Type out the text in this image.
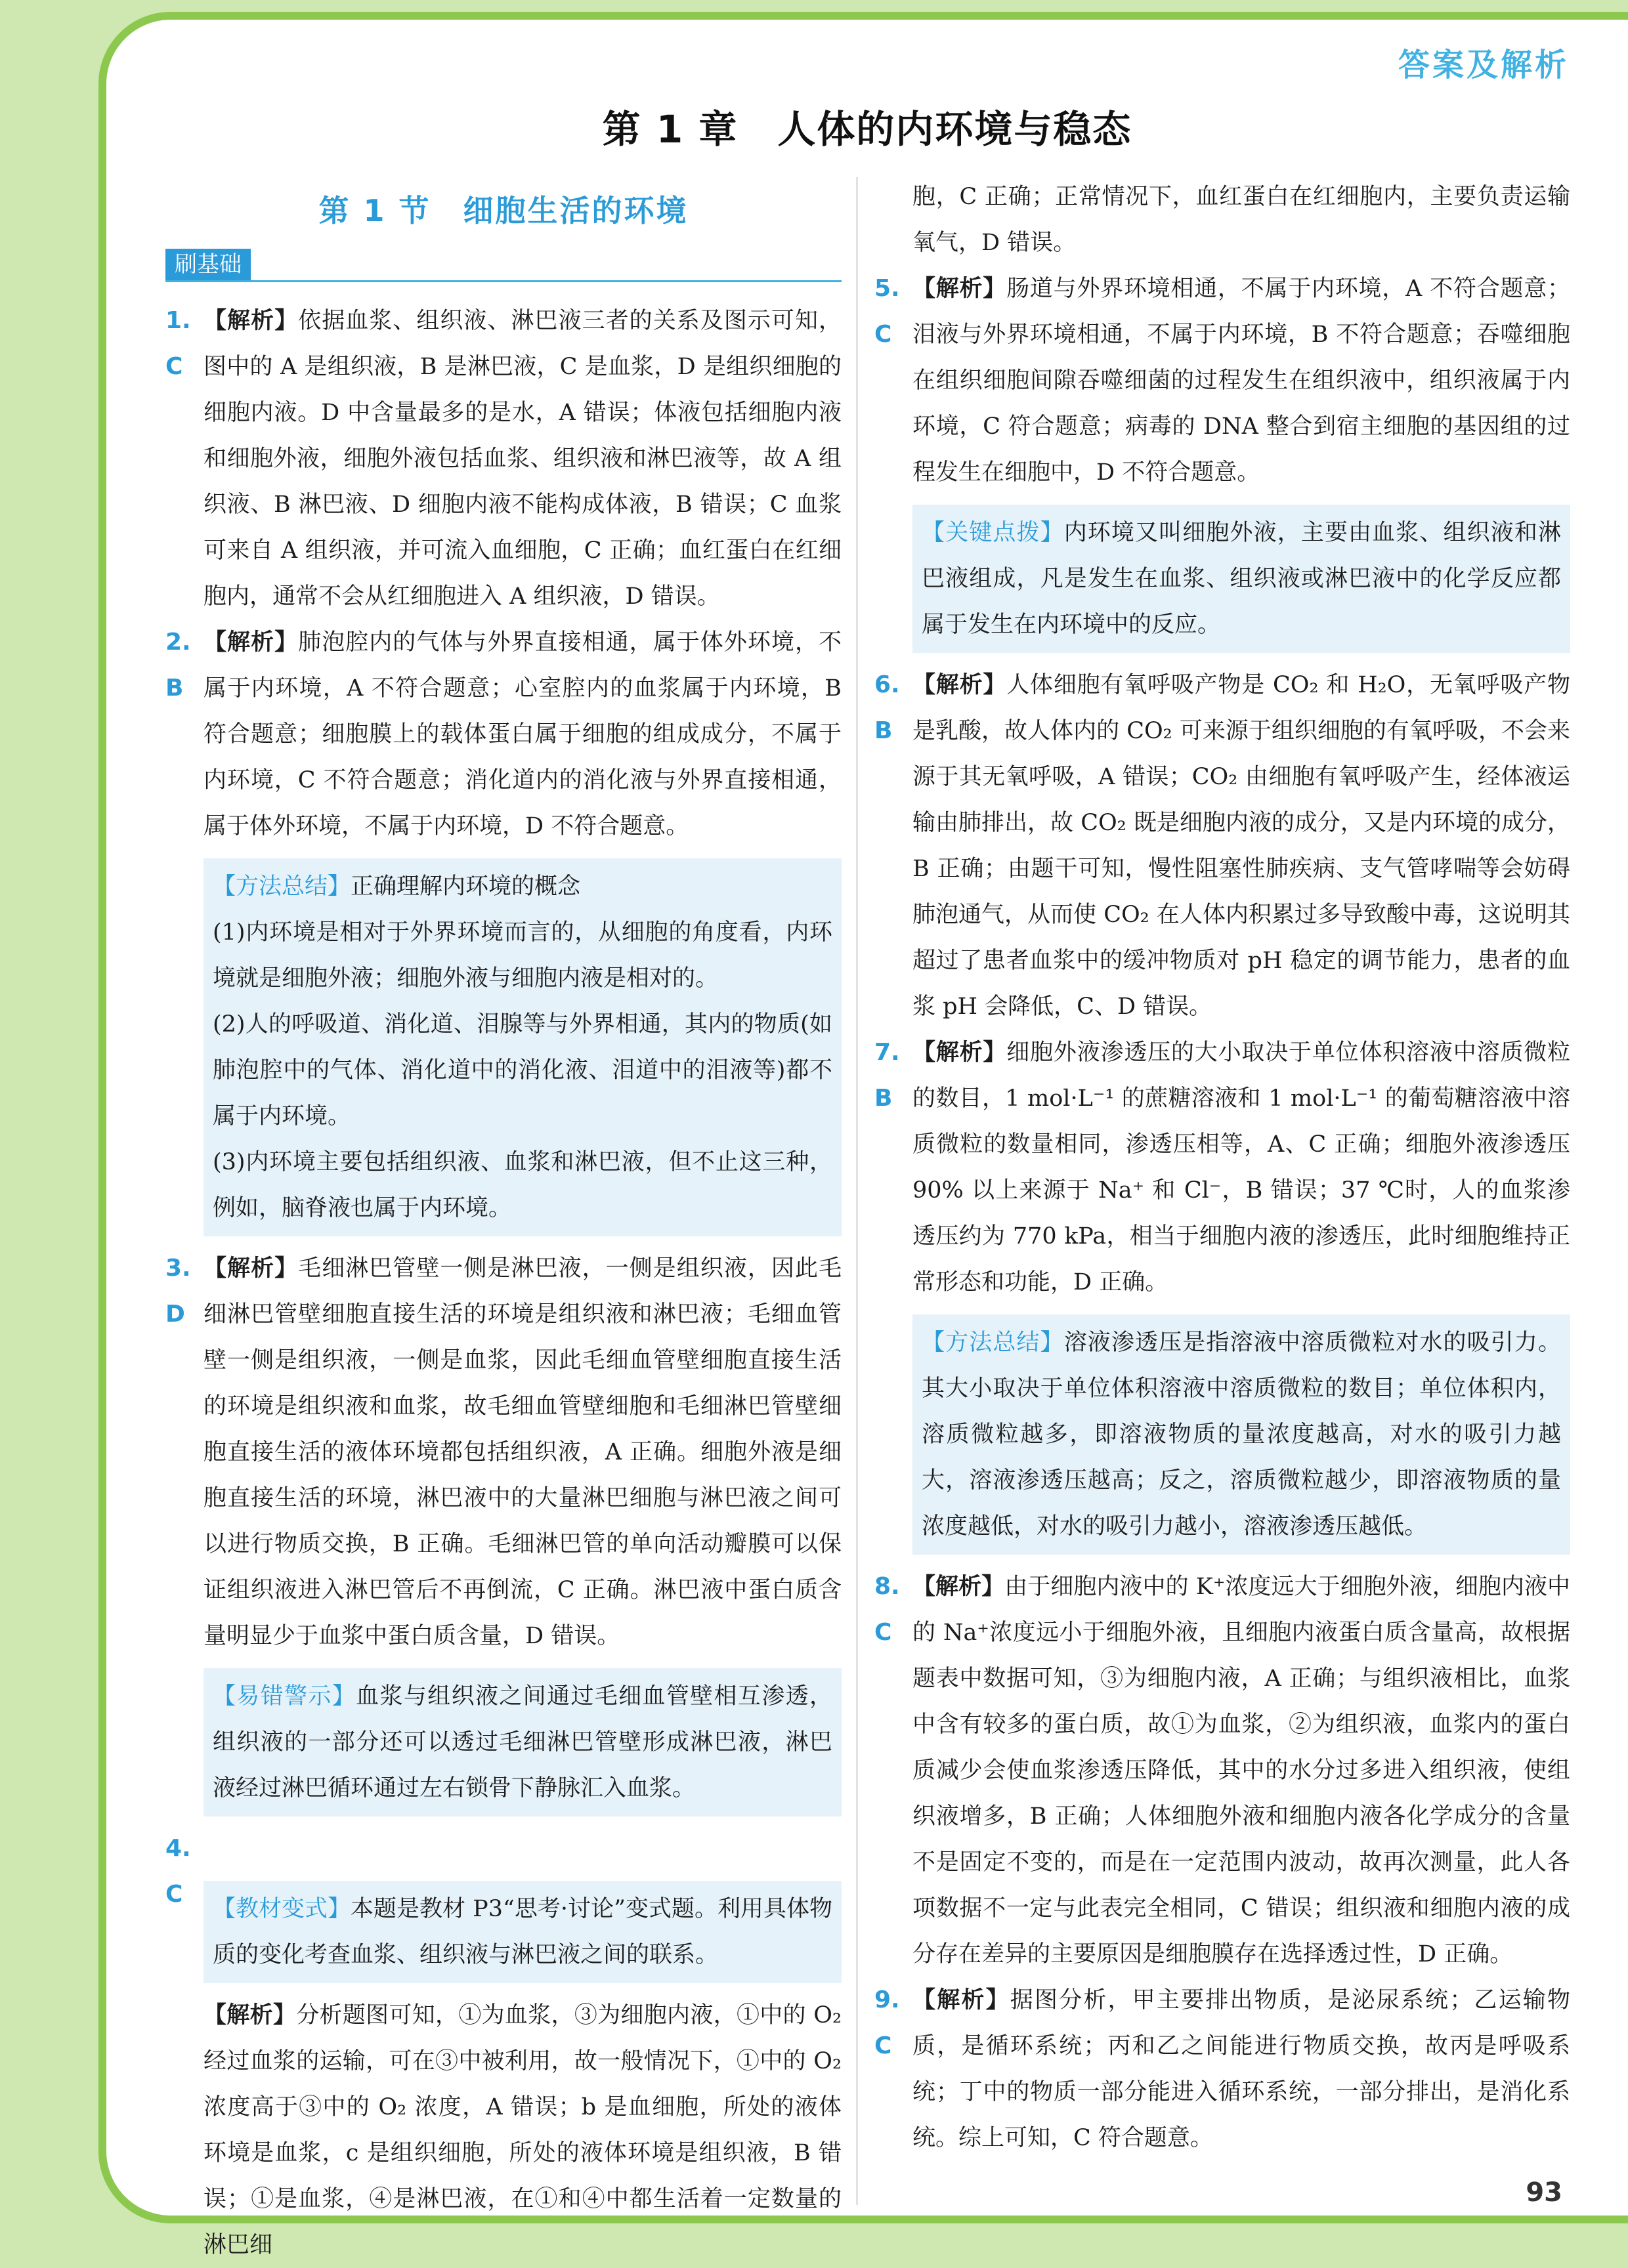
答案及解析
第 1 章　人体的内环境与稳态
第 1 节　细胞生活的环境
刷基础
1. C

【解析】依据血浆、组织液、淋巴液三者的关系及图示可知，图中的 A 是组织液，B 是淋巴液，C 是血浆，D 是组织细胞的细胞内液。D 中含量最多的是水，A 错误；体液包括细胞内液和细胞外液，细胞外液包括血浆、组织液和淋巴液等，故 A 组织液、B 淋巴液、D 细胞内液不能构成体液，B 错误；C 血浆可来自 A 组织液，并可流入血细胞，C 正确；血红蛋白在红细胞内，通常不会从红细胞进入 A 组织液，D 错误。

2. B

【解析】肺泡腔内的气体与外界直接相通，属于体外环境，不属于内环境，A 不符合题意；心室腔内的血浆属于内环境，B 符合题意；细胞膜上的载体蛋白属于细胞的组成成分，不属于内环境，C 不符合题意；消化道内的消化液与外界直接相通，属于体外环境，不属于内环境，D 不符合题意。

【方法总结】正确理解内环境的概念

(1)内环境是相对于外界环境而言的，从细胞的角度看，内环境就是细胞外液；细胞外液与细胞内液是相对的。

(2)人的呼吸道、消化道、泪腺等与外界相通，其内的物质(如肺泡腔中的气体、消化道中的消化液、泪道中的泪液等)都不属于内环境。

(3)内环境主要包括组织液、血浆和淋巴液，但不止这三种，例如，脑脊液也属于内环境。

3. D

【解析】毛细淋巴管壁一侧是淋巴液，一侧是组织液，因此毛细淋巴管壁细胞直接生活的环境是组织液和淋巴液；毛细血管壁一侧是组织液，一侧是血浆，因此毛细血管壁细胞直接生活的环境是组织液和血浆，故毛细血管壁细胞和毛细淋巴管壁细胞直接生活的液体环境都包括组织液，A 正确。细胞外液是细胞直接生活的环境，淋巴液中的大量淋巴细胞与淋巴液之间可以进行物质交换，B 正确。毛细淋巴管的单向活动瓣膜可以保证组织液进入淋巴管后不再倒流，C 正确。淋巴液中蛋白质含量明显少于血浆中蛋白质含量，D 错误。

【易错警示】血浆与组织液之间通过毛细血管壁相互渗透，组织液的一部分还可以透过毛细淋巴管壁形成淋巴液，淋巴液经过淋巴循环通过左右锁骨下静脉汇入血浆。

4. C

【教材变式】本题是教材 P3“思考·讨论”变式题。利用具体物质的变化考查血浆、组织液与淋巴液之间的联系。

【解析】分析题图可知，①为血浆，③为细胞内液，①中的 O₂ 经过血浆的运输，可在③中被利用，故一般情况下，①中的 O₂ 浓度高于③中的 O₂ 浓度，A 错误；b 是血细胞，所处的液体环境是血浆，c 是组织细胞，所处的液体环境是组织液，B 错误；①是血浆，④是淋巴液，在①和④中都生活着一定数量的淋巴细

胞，C 正确；正常情况下，血红蛋白在红细胞内，主要负责运输氧气，D 错误。

5. C

【解析】肠道与外界环境相通，不属于内环境，A 不符合题意；泪液与外界环境相通，不属于内环境，B 不符合题意；吞噬细胞在组织细胞间隙吞噬细菌的过程发生在组织液中，组织液属于内环境，C 符合题意；病毒的 DNA 整合到宿主细胞的基因组的过程发生在细胞中，D 不符合题意。

【关键点拨】内环境又叫细胞外液，主要由血浆、组织液和淋巴液组成，凡是发生在血浆、组织液或淋巴液中的化学反应都属于发生在内环境中的反应。

6. B

【解析】人体细胞有氧呼吸产物是 CO₂ 和 H₂O，无氧呼吸产物是乳酸，故人体内的 CO₂ 可来源于组织细胞的有氧呼吸，不会来源于其无氧呼吸，A 错误；CO₂ 由细胞有氧呼吸产生，经体液运输由肺排出，故 CO₂ 既是细胞内液的成分，又是内环境的成分，B 正确；由题干可知，慢性阻塞性肺疾病、支气管哮喘等会妨碍肺泡通气，从而使 CO₂ 在人体内积累过多导致酸中毒，这说明其超过了患者血浆中的缓冲物质对 pH 稳定的调节能力，患者的血浆 pH 会降低，C、D 错误。

7. B

【解析】细胞外液渗透压的大小取决于单位体积溶液中溶质微粒的数目，1 mol·L⁻¹ 的蔗糖溶液和 1 mol·L⁻¹ 的葡萄糖溶液中溶质微粒的数量相同，渗透压相等，A、C 正确；细胞外液渗透压 90% 以上来源于 Na⁺ 和 Cl⁻，B 错误；37 ℃时，人的血浆渗透压约为 770 kPa，相当于细胞内液的渗透压，此时细胞维持正常形态和功能，D 正确。

【方法总结】溶液渗透压是指溶液中溶质微粒对水的吸引力。其大小取决于单位体积溶液中溶质微粒的数目；单位体积内，溶质微粒越多，即溶液物质的量浓度越高，对水的吸引力越大，溶液渗透压越高；反之，溶质微粒越少，即溶液物质的量浓度越低，对水的吸引力越小，溶液渗透压越低。

8. C

【解析】由于细胞内液中的 K⁺浓度远大于细胞外液，细胞内液中的 Na⁺浓度远小于细胞外液，且细胞内液蛋白质含量高，故根据题表中数据可知，③为细胞内液，A 正确；与组织液相比，血浆中含有较多的蛋白质，故①为血浆，②为组织液，血浆内的蛋白质减少会使血浆渗透压降低，其中的水分过多进入组织液，使组织液增多，B 正确；人体细胞外液和细胞内液各化学成分的含量不是固定不变的，而是在一定范围内波动，故再次测量，此人各项数据不一定与此表完全相同，C 错误；组织液和细胞内液的成分存在差异的主要原因是细胞膜存在选择透过性，D 正确。

9. C

【解析】据图分析，甲主要排出物质，是泌尿系统；乙运输物质，是循环系统；丙和乙之间能进行物质交换，故丙是呼吸系统；丁中的物质一部分能进入循环系统，一部分排出，是消化系统。综上可知，C 符合题意。

93
